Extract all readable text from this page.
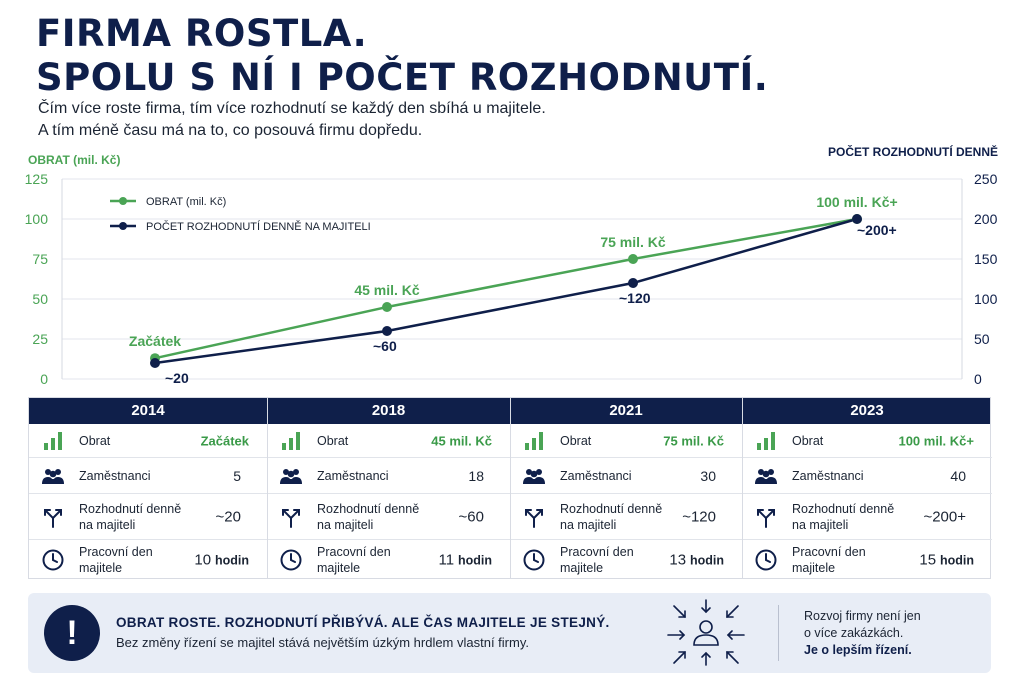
FIRMA ROSTLA.
SPOLU S NÍ I POČET ROZHODNUTÍ.
Čím více roste firma, tím více rozhodnutí se každý den sbíhá u majitele.
A tím méně času má na to, co posouvá firmu dopředu.
0
25
50
75
100
125
0
50
100
150
200
250
OBRAT (mil. Kč)
POČET ROZHODNUTÍ DENNĚ
Začátek
45 mil. Kč
75 mil. Kč
100 mil. Kč+
~20
~60
~120
~200+
OBRAT (mil. Kč)
POČET ROZHODNUTÍ DENNĚ NA MAJITELI
2014
Obrat	Začátek
Zaměstnanci	5
Rozhodnutí denně
na majiteli	~20
Pracovní den
majitele	10 hodin
2018
Obrat	45 mil. Kč
Zaměstnanci	18
Rozhodnutí denně
na majiteli	~60
Pracovní den
majitele	11 hodin
2021
Obrat	75 mil. Kč
Zaměstnanci	30
Rozhodnutí denně
na majiteli	~120
Pracovní den
majitele	13 hodin
2023
Obrat	100 mil. Kč+
Zaměstnanci	40
Rozhodnutí denně
na majiteli	~200+
Pracovní den
majitele	15 hodin
!	OBRAT ROSTE. ROZHODNUTÍ PŘIBÝVÁ. ALE ČAS MAJITELE JE STEJNÝ.
Bez změny řízení se majitel stává největším úzkým hrdlem vlastní firmy.
Rozvoj firmy není jen
o více zakázkách.
Je o lepším řízení.
